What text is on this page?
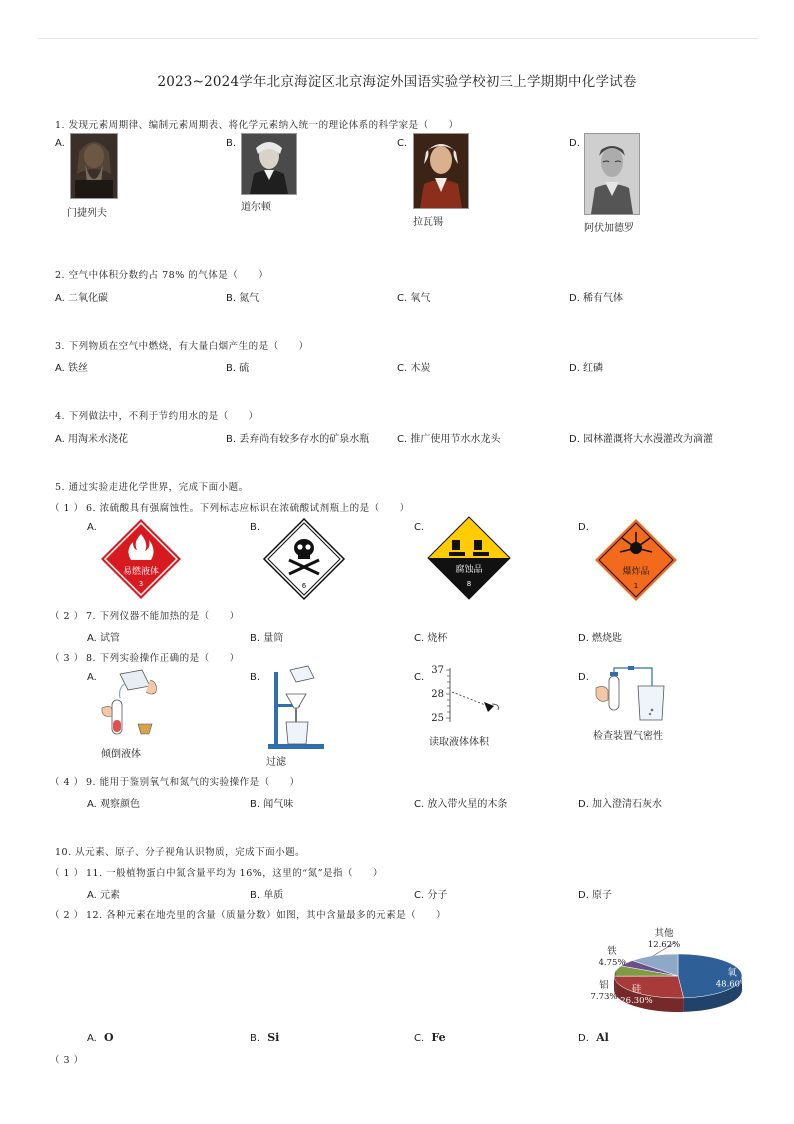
2023~2024学年北京海淀区北京海淀外国语实验学校初三上学期期中化学试卷
1. 发现元素周期律、编制元素周期表、将化学元素纳入统一的理论体系的科学家是（　　）
A.
门捷列夫
B.
道尔顿
C.
拉瓦锡
D.
阿伏加德罗
2. 空气中体积分数约占 78% 的气体是（　　）
A. 二氧化碳	B. 氮气	C. 氧气	D. 稀有气体
3. 下列物质在空气中燃烧，有大量白烟产生的是（　　）
A. 铁丝	B. 硫	C. 木炭	D. 红磷
4. 下列做法中，不利于节约用水的是（　　）
A. 用淘米水浇花	B. 丢弃尚有较多存水的矿泉水瓶	C. 推广使用节水水龙头	D. 园林灌溉将大水漫灌改为滴灌
5. 通过实验走进化学世界，完成下面小题。
（ 1 ） 6. 浓硫酸具有强腐蚀性。下列标志应标识在浓硫酸试剂瓶上的是（　　）
A.
易燃液体
3
B.
6
C.
腐蚀品
8
D.
爆炸品
1
（ 2 ） 7. 下列仪器不能加热的是（　　）
A. 试管	B. 量筒	C. 烧杯	D. 燃烧匙
（ 3 ） 8. 下列实验操作正确的是（　　）
A.
倾倒液体
B.
过滤
C.
37
28
25
读取液体体积
D.
检查装置气密性
（ 4 ） 9. 能用于鉴别氧气和氮气的实验操作是（　　）
A. 观察颜色	B. 闻气味	C. 放入带火星的木条	D. 加入澄清石灰水
10. 从元素、原子、分子视角认识物质，完成下面小题。
（ 1 ） 11. 一般植物蛋白中氮含量平均为 16%，这里的“氮”是指（　　）
A. 元素	B. 单质	C. 分子	D. 原子
（ 2 ） 12. 各种元素在地壳里的含量（质量分数）如图，其中含量最多的元素是（　　）
氧
48.60%
硅
26.30%
铝
7.73%
铁
4.75%
其他
12.62%
A. O	B. Si	C. Fe	D. Al
（ 3 ）
